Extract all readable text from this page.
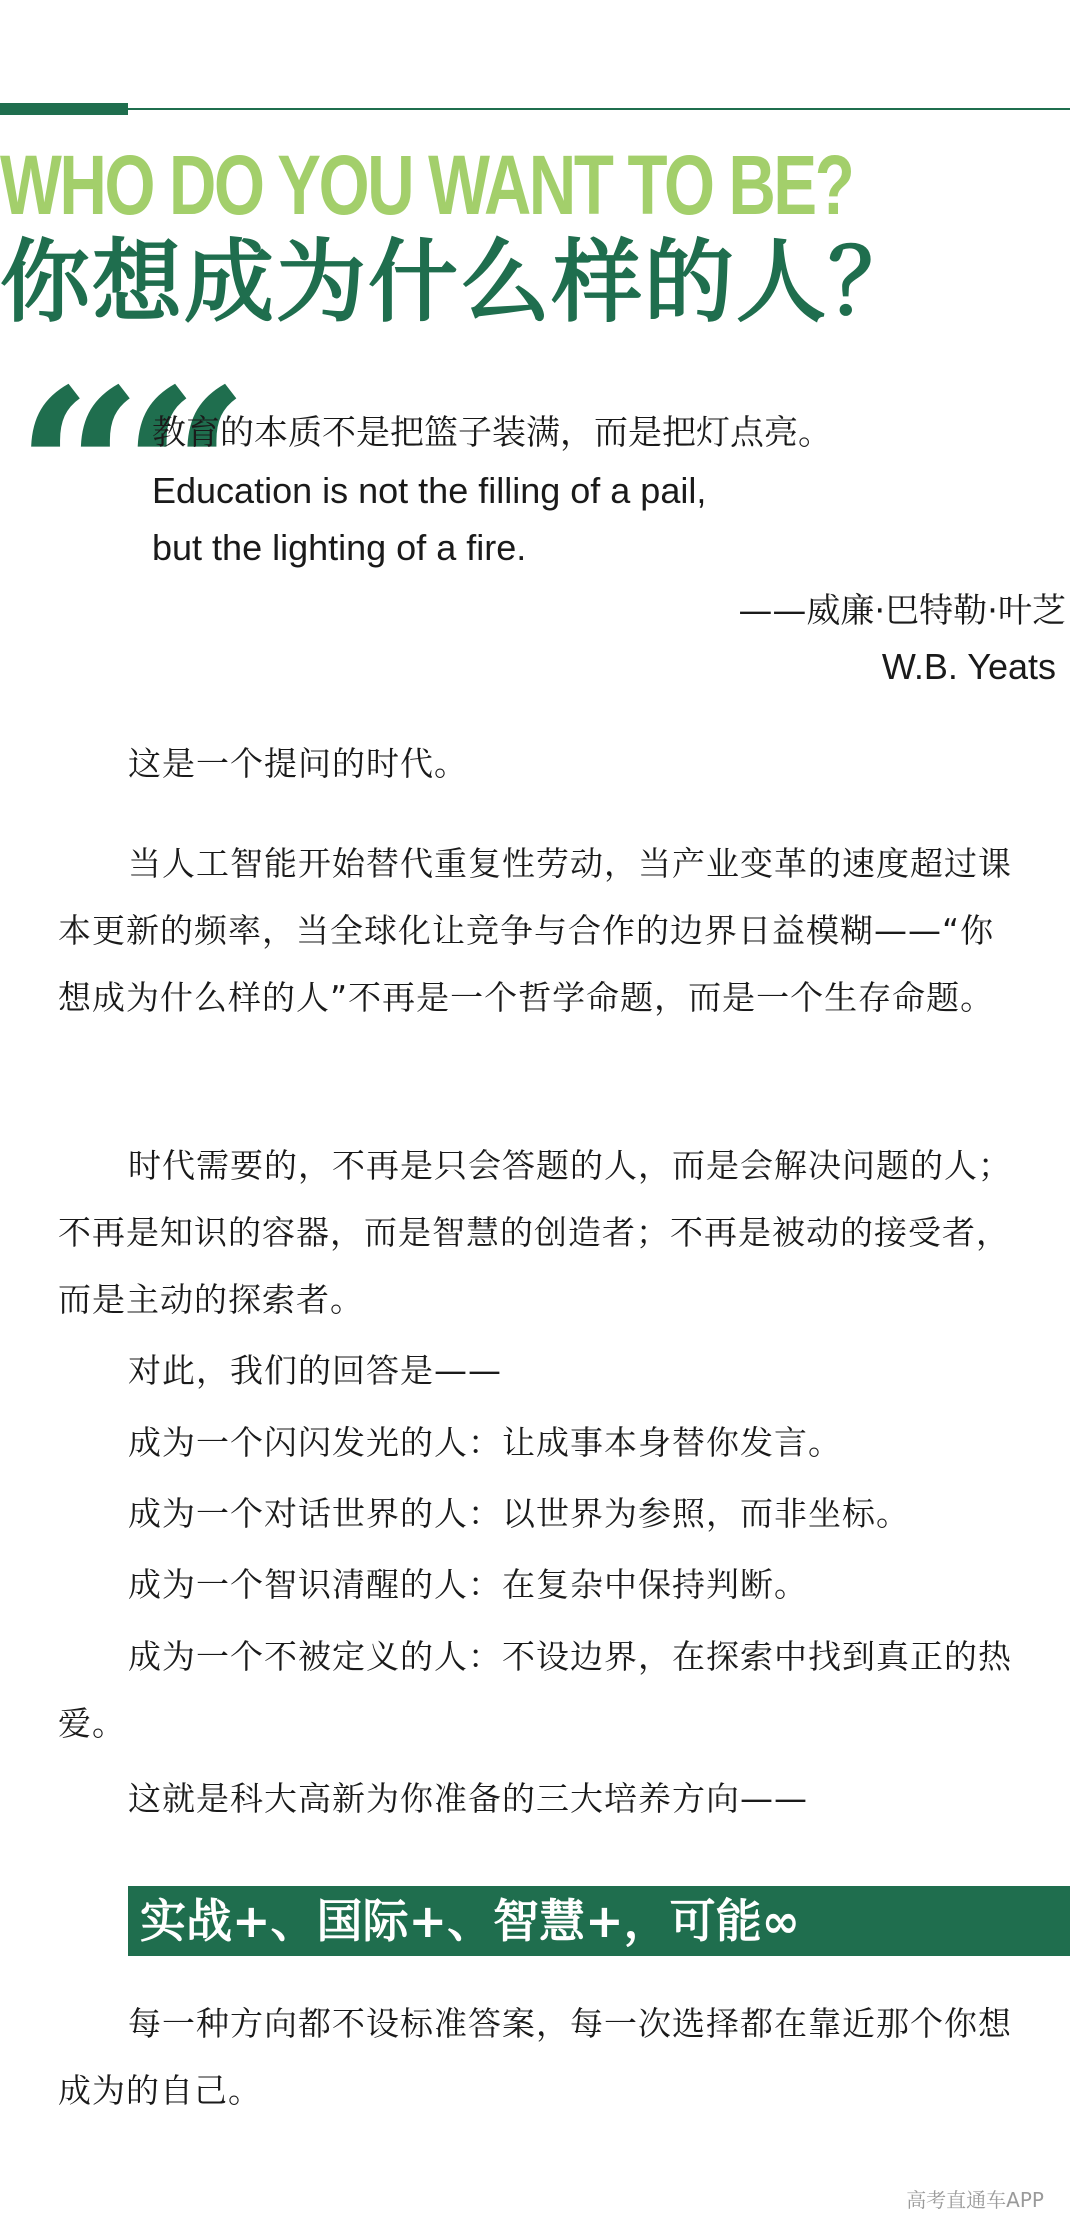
WHO DO YOU WANT TO BE?
你想成为什么样的人？
““
教育的本质不是把篮子装满，而是把灯点亮。
Education is not the filling of a pail,
but the lighting of a fire.
——威廉·巴特勒·叶芝
W.B. Yeats

这是一个提问的时代。

当人工智能开始替代重复性劳动，当产业变革的速度超过课本更新的频率，当全球化让竞争与合作的边界日益模糊——“你想成为什么样的人”不再是一个哲学命题，而是一个生存命题。

时代需要的，不再是只会答题的人，而是会解决问题的人；不再是知识的容器，而是智慧的创造者；不再是被动的接受者，而是主动的探索者。

对此，我们的回答是——

成为一个闪闪发光的人：让成事本身替你发言。

成为一个对话世界的人：以世界为参照，而非坐标。

成为一个智识清醒的人：在复杂中保持判断。

成为一个不被定义的人：不设边界，在探索中找到真正的热爱。

这就是科大高新为你准备的三大培养方向——

实战+、国际+、智慧+，可能∞

每一种方向都不设标准答案，每一次选择都在靠近那个你想成为的自己。

高考直通车APP
